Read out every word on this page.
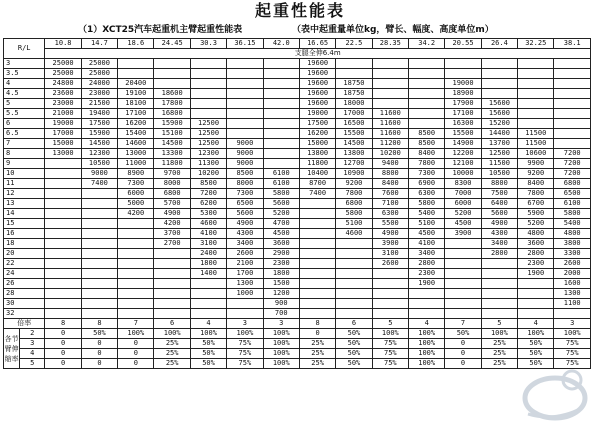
起重性能表
（1）XCT25汽车起重机主臂起重性能表	（表中起重量单位kg，臂长、幅度、高度单位m）
R/L		10.8	14.7	18.6	24.45	30.3	36.15	42.0	16.65	22.5	28.35	34.2	20.55	26.4	32.25	38.1
		支腿全伸6.4m														
3		25000	25000						19600							
3.5		25000	25000						19600							
4		24800	24000	20400					19600	18750			19000			
4.5		23600	23000	19100	18600				19600	18750			18900			
5		23000	21500	18100	17800				19600	18000			17900	15600		
5.5		21000	19400	17100	16800				19000	17000	11600		17100	15600		
6		19000	17500	16200	15900	12500			17500	16500	11600		16300	15200		
6.5		17000	15900	15400	15100	12500			16200	15500	11600	8500	15500	14400	11500	
7		15000	14500	14600	14500	12500	9000		15000	14500	11200	8500	14900	13700	11500	
8		13000	12300	13000	13300	12300	9000		13800	13800	10200	8400	12200	12500	10600	7200
9			10500	11000	11800	11300	9000		11800	12700	9400	7800	12100	11500	9900	7200
10			9000	8900	9700	10200	8500	6100	10400	10900	8800	7300	10000	10500	9200	7200
11			7400	7300	8000	8500	8000	6100	8700	9200	8400	6900	8300	8800	8400	6800
12				6000	6800	7200	7300	5800	7400	7800	7600	6300	7000	7500	7800	6500
13				5000	5700	6200	6500	5600		6800	7100	5800	6000	6400	6700	6100
14				4200	4900	5300	5600	5200		5800	6300	5400	5200	5600	5900	5800
15					4200	4600	4900	4700		5100	5500	5100	4500	4900	5200	5400
16					3700	4100	4300	4500		4600	4900	4500	3900	4300	4800	4800
18					2700	3100	3400	3600			3900	4100		3400	3600	3800
20						2400	2600	2900			3100	3400		2800	2800	3300
22						1800	2100	2300			2600	2800			2300	2600
24						1400	1700	1800				2300			1900	2000
26							1300	1500				1900				1600
28							1000	1200								1300
30								900								1100
32								700								
倍率		8	8	7	6	4	3	3	8	6	5	4	7	5	4	3
各节臂伸缩率	2	0	50%	100%	100%	100%	100%	100%	0	50%	100%	100%	50%	100%	100%	100%
	3	0	0	0	25%	50%	75%	100%	25%	50%	75%	100%	0	25%	50%	75%
	4	0	0	0	25%	50%	75%	100%	25%	50%	75%	100%	0	25%	50%	75%
	5	0	0	0	25%	50%	75%	100%	25%	50%	75%	100%	0	25%	50%	75%
